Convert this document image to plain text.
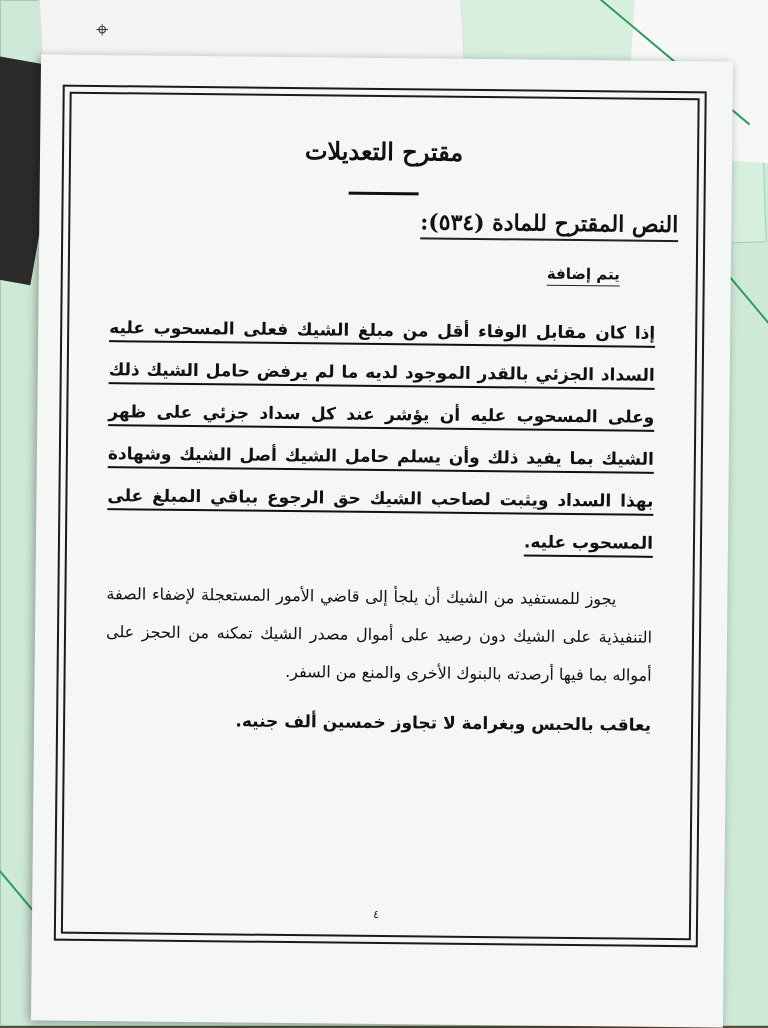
⌖
مقترح التعديلات
النص المقترح للمادة (٥٣٤):
يتم إضافة
إذا كان مقابل الوفاء أقل من مبلغ الشيك فعلى المسحوب عليه السداد الجزئي بالقدر الموجود لديه ما لم يرفض حامل الشيك ذلك وعلى المسحوب عليه أن يؤشر عند كل سداد جزئي على ظهر الشيك بما يفيد ذلك وأن يسلم حامل الشيك أصل الشيك وشهادة بهذا السداد ويثبت لصاحب الشيك حق الرجوع بباقي المبلغ على المسحوب عليه.
يجوز للمستفيد من الشيك أن يلجأ إلى قاضي الأمور المستعجلة لإضفاء الصفة التنفيذية على الشيك دون رصيد على أموال مصدر الشيك تمكنه من الحجز على أمواله بما فيها أرصدته بالبنوك الأخرى والمنع من السفر.
يعاقب بالحبس وبغرامة لا تجاوز خمسين ألف جنيه.
٤
